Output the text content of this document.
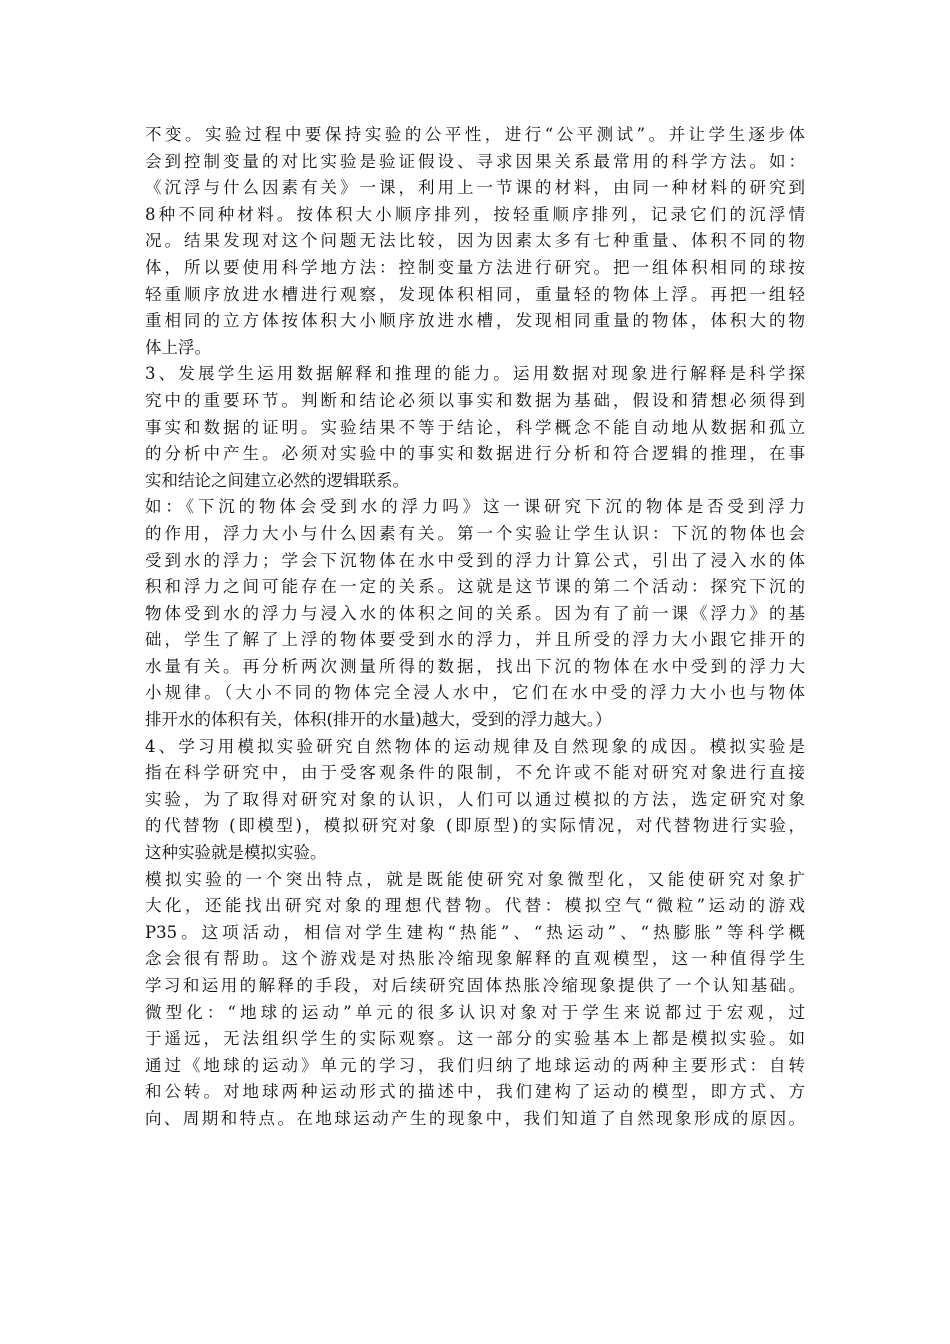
不变。实验过程中要保持实验的公平性，进行“公平测试”。并让学生逐步体
会到控制变量的对比实验是验证假设、寻求因果关系最常用的科学方法。如：
《沉浮与什么因素有关》一课，利用上一节课的材料，由同一种材料的研究到
8种不同种材料。按体积大小顺序排列，按轻重顺序排列，记录它们的沉浮情
况。结果发现对这个问题无法比较，因为因素太多有七种重量、体积不同的物
体，所以要使用科学地方法：控制变量方法进行研究。把一组体积相同的球按
轻重顺序放进水槽进行观察，发现体积相同，重量轻的物体上浮。再把一组轻
重相同的立方体按体积大小顺序放进水槽，发现相同重量的物体，体积大的物
体上浮。
3、发展学生运用数据解释和推理的能力。运用数据对现象进行解释是科学探
究中的重要环节。判断和结论必须以事实和数据为基础，假设和猜想必须得到
事实和数据的证明。实验结果不等于结论，科学概念不能自动地从数据和孤立
的分析中产生。必须对实验中的事实和数据进行分析和符合逻辑的推理，在事
实和结论之间建立必然的逻辑联系。
如：《下沉的物体会受到水的浮力吗》这一课研究下沉的物体是否受到浮力
的作用，浮力大小与什么因素有关。第一个实验让学生认识：下沉的物体也会
受到水的浮力；学会下沉物体在水中受到的浮力计算公式，引出了浸入水的体
积和浮力之间可能存在一定的关系。这就是这节课的第二个活动：探究下沉的
物体受到水的浮力与浸入水的体积之间的关系。因为有了前一课《浮力》的基
础，学生了解了上浮的物体要受到水的浮力，并且所受的浮力大小跟它排开的
水量有关。再分析两次测量所得的数据，找出下沉的物体在水中受到的浮力大
小规律。（大小不同的物体完全浸人水中，它们在水中受的浮力大小也与物体
排开水的体积有关，体积(排开的水量)越大，受到的浮力越大。）
4、学习用模拟实验研究自然物体的运动规律及自然现象的成因。模拟实验是
指在科学研究中，由于受客观条件的限制，不允许或不能对研究对象进行直接
实验，为了取得对研究对象的认识，人们可以通过模拟的方法，选定研究对象
的代替物 (即模型)，模拟研究对象 (即原型)的实际情况，对代替物进行实验，
这种实验就是模拟实验。
模拟实验的一个突出特点，就是既能使研究对象微型化，又能使研究对象扩
大化，还能找出研究对象的理想代替物。代替：模拟空气“微粒”运动的游戏
P35。这项活动，相信对学生建构“热能”、“热运动”、“热膨胀”等科学概
念会很有帮助。这个游戏是对热胀冷缩现象解释的直观模型，这一种值得学生
学习和运用的解释的手段，对后续研究固体热胀冷缩现象提供了一个认知基础。
微型化：“地球的运动”单元的很多认识对象对于学生来说都过于宏观，过
于遥远，无法组织学生的实际观察。这一部分的实验基本上都是模拟实验。如
通过《地球的运动》单元的学习，我们归纳了地球运动的两种主要形式：自转
和公转。对地球两种运动形式的描述中，我们建构了运动的模型，即方式、方
向、周期和特点。在地球运动产生的现象中，我们知道了自然现象形成的原因。
